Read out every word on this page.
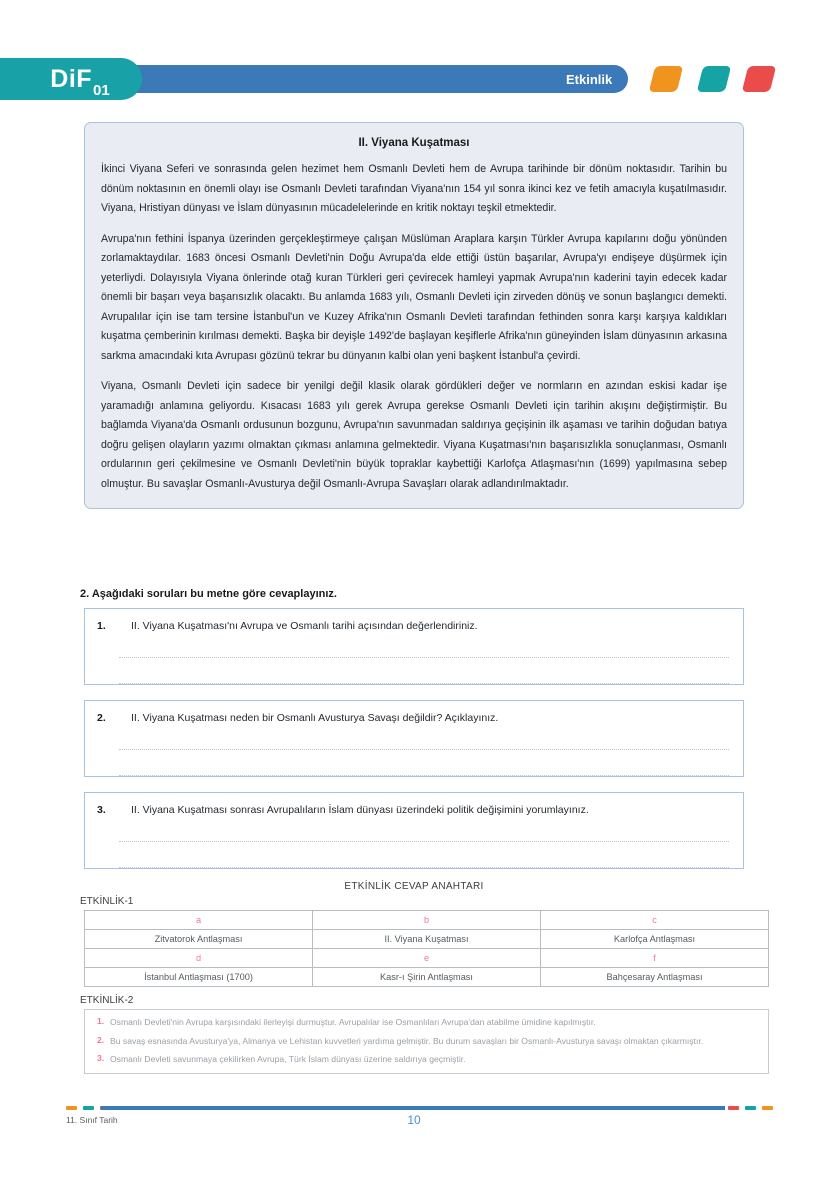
DiF 01
Etkinlik
II. Viyana Kuşatması

İkinci Viyana Seferi ve sonrasında gelen hezimet hem Osmanlı Devleti hem de Avrupa tarihinde bir dönüm noktasıdır. Tarihin bu dönüm noktasının en önemli olayı ise Osmanlı Devleti tarafından Viyana'nın 154 yıl sonra ikinci kez ve fetih amacıyla kuşatılmasıdır. Viyana, Hristiyan dünyası ve İslam dünyasının mücadelelerinde en kritik noktayı teşkil etmektedir.

Avrupa'nın fethini İspanya üzerinden gerçekleştirmeye çalışan Müslüman Araplara karşın Türkler Avrupa kapılarını doğu yönünden zorlamaktaydılar. 1683 öncesi Osmanlı Devleti'nin Doğu Avrupa'da elde ettiği üstün başarılar, Avrupa'yı endişeye düşürmek için yeterliydi. Dolayısıyla Viyana önlerinde otağ kuran Türkleri geri çevirecek hamleyi yapmak Avrupa'nın kaderini tayin edecek kadar önemli bir başarı veya başarısızlık olacaktı. Bu anlamda 1683 yılı, Osmanlı Devleti için zirveden dönüş ve sonun başlangıcı demekti. Avrupalılar için ise tam tersine İstanbul'un ve Kuzey Afrika'nın Osmanlı Devleti tarafından fethinden sonra karşı karşıya kaldıkları kuşatma çemberinin kırılması demekti. Başka bir deyişle 1492'de başlayan keşiflerle Afrika'nın güneyinden İslam dünyasının arkasına sarkma amacındaki kıta Avrupası gözünü tekrar bu dünyanın kalbi olan yeni başkent İstanbul'a çevirdi.

Viyana, Osmanlı Devleti için sadece bir yenilgi değil klasik olarak gördükleri değer ve normların en azından eskisi kadar işe yaramadığı anlamına geliyordu. Kısacası 1683 yılı gerek Avrupa gerekse Osmanlı Devleti için tarihin akışını değiştirmiştir. Bu bağlamda Viyana'da Osmanlı ordusunun bozgunu, Avrupa'nın savunmadan saldırıya geçişinin ilk aşaması ve tarihin doğudan batıya doğru gelişen olayların yazımı olmaktan çıkması anlamına gelmektedir. Viyana Kuşatması'nın başarısızlıkla sonuçlanması, Osmanlı ordularının geri çekilmesine ve Osmanlı Devleti'nin büyük topraklar kaybettiği Karlofça Atlaşması'nın (1699) yapılmasına sebep olmuştur. Bu savaşlar Osmanlı-Avusturya değil Osmanlı-Avrupa Savaşları olarak adlandırılmaktadır.

2. Aşağıdaki soruları bu metne göre cevaplayınız.
1.	II. Viyana Kuşatması'nı Avrupa ve Osmanlı tarihi açısından değerlendiriniz.
2.	II. Viyana Kuşatması neden bir Osmanlı Avusturya Savaşı değildir? Açıklayınız.
3.	II. Viyana Kuşatması sonrası Avrupalıların İslam dünyası üzerindeki politik değişimini yorumlayınız.
ETKİNLİK CEVAP ANAHTARI
ETKİNLİK-1
a	b	c
Zitvatorok Antlaşması	II. Viyana Kuşatması	Karlofça Antlaşması
d	e	f
İstanbul Antlaşması (1700)	Kasr-ı Şirin Antlaşması	Bahçesaray Antlaşması
ETKİNLİK-2
1. Osmanlı Devleti'nin Avrupa karşısındaki ilerleyişi durmuştur. Avrupalılar ise Osmanlıları Avrupa'dan atabilme ümidine kapılmıştır.
2. Bu savaş esnasında Avusturya'ya, Almanya ve Lehistan kuvvetleri yardıma gelmiştir. Bu durum savaşları bir Osmanlı-Avusturya savaşı olmaktan çıkarmıştır.
3. Osmanlı Devleti savunmaya çekilirken Avrupa, Türk İslam dünyası üzerine saldırıya geçmiştir.
11. Sınıf Tarih	10
